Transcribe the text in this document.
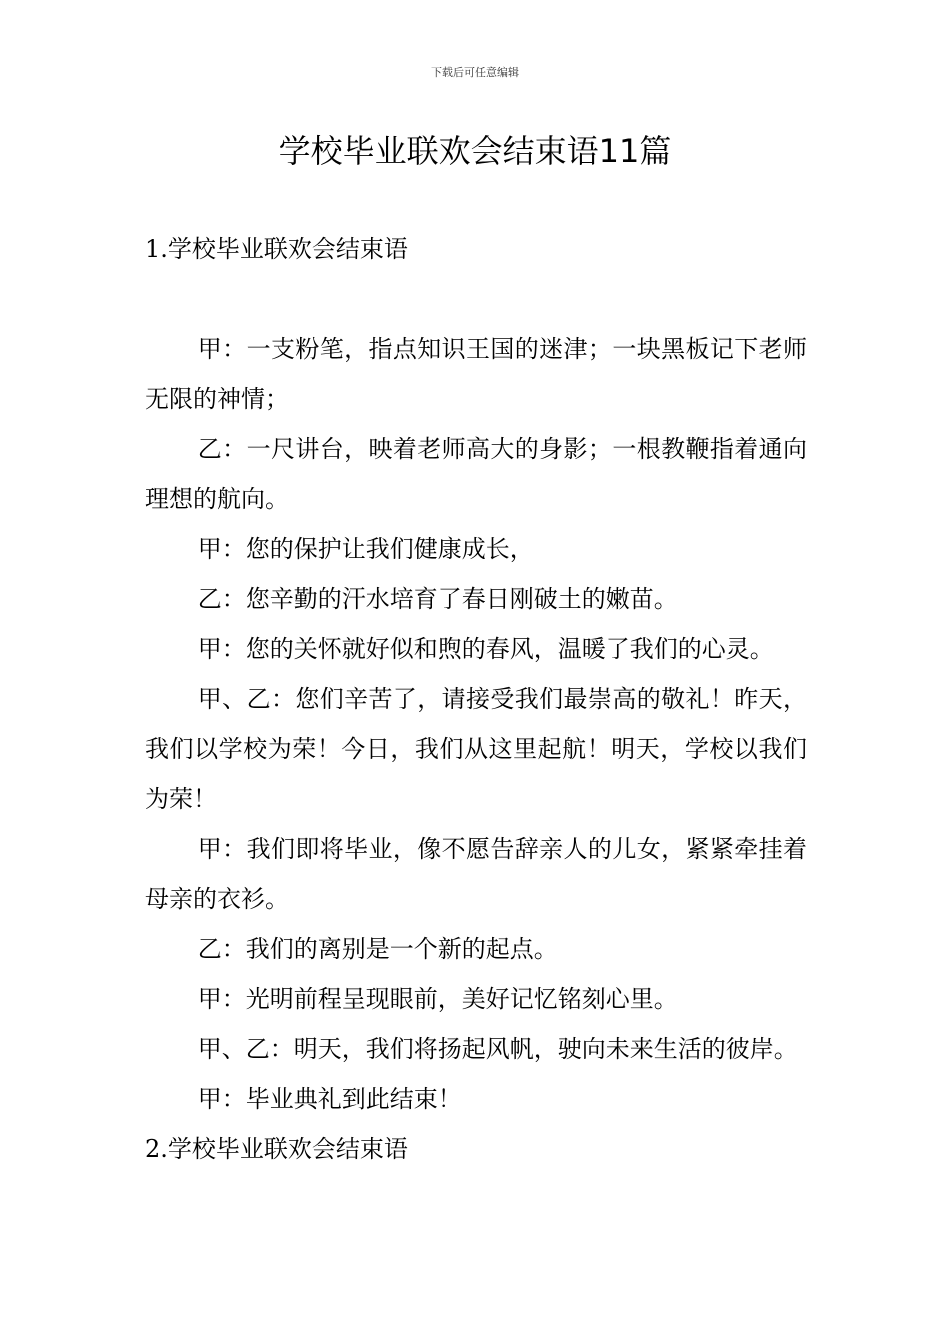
下载后可任意编辑
学校毕业联欢会结束语11篇
1.学校毕业联欢会结束语

甲：一支粉笔，指点知识王国的迷津；一块黑板记下老师无限的神情；

乙：一尺讲台，映着老师高大的身影；一根教鞭指着通向理想的航向。

甲：您的保护让我们健康成长，

乙：您辛勤的汗水培育了春日刚破土的嫩苗。

甲：您的关怀就好似和煦的春风，温暖了我们的心灵。

甲、乙：您们辛苦了，请接受我们最崇高的敬礼！昨天，我们以学校为荣！今日，我们从这里起航！明天，学校以我们为荣！

甲：我们即将毕业，像不愿告辞亲人的儿女，紧紧牵挂着母亲的衣衫。

乙：我们的离别是一个新的起点。

甲：光明前程呈现眼前，美好记忆铭刻心里。

甲、乙：明天，我们将扬起风帆，驶向未来生活的彼岸。

甲：毕业典礼到此结束！

2.学校毕业联欢会结束语
